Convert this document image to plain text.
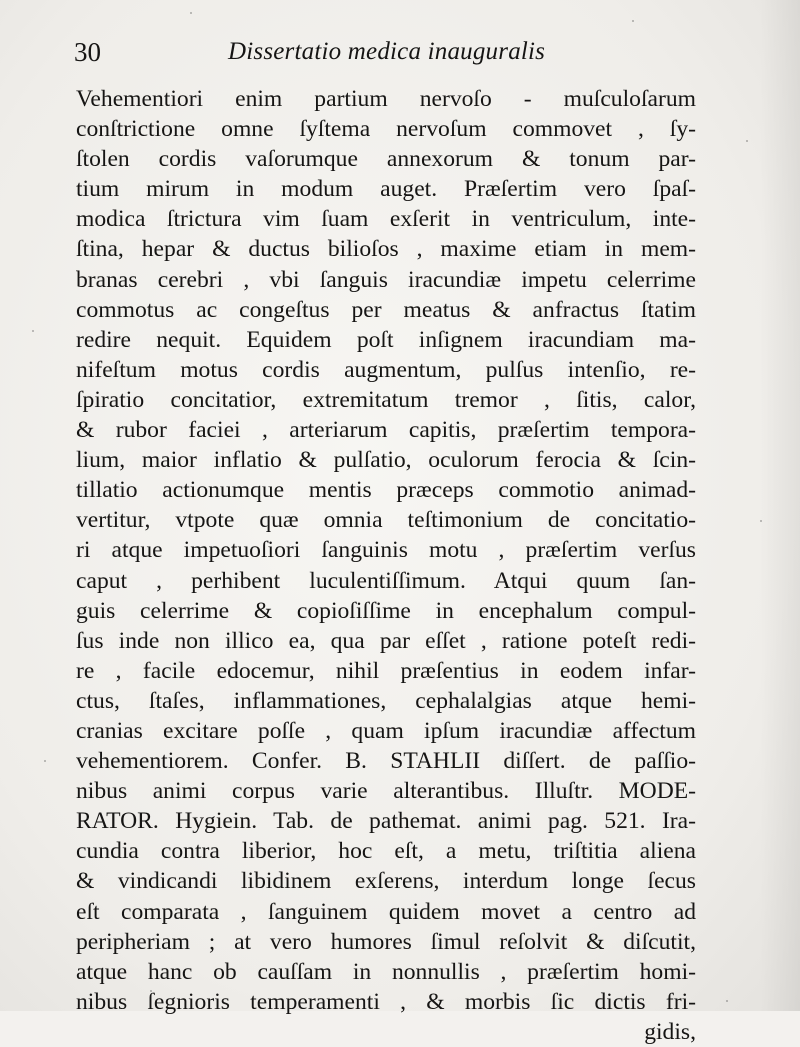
30	Dissertatio medica inauguralis
Vehementiori enim partium nervoſo - muſculoſarum
conſtrictione omne ſyſtema nervoſum commovet , ſy-
ſtolen cordis vaſorumque annexorum & tonum par-
tium mirum in modum auget. Præſertim vero ſpaſ-
modica ſtrictura vim ſuam exſerit in ventriculum, inte-
ſtina, hepar & ductus bilioſos , maxime etiam in mem-
branas cerebri , vbi ſanguis iracundiæ impetu celerrime
commotus ac congeſtus per meatus & anfractus ſtatim
redire nequit. Equidem poſt inſignem iracundiam ma-
nifeſtum motus cordis augmentum, pulſus intenſio, re-
ſpiratio concitatior, extremitatum tremor , ſitis, calor,
& rubor faciei , arteriarum capitis, præſertim tempora-
lium, maior inflatio & pulſatio, oculorum ferocia & ſcin-
tillatio actionumque mentis præceps commotio animad-
vertitur, vtpote quæ omnia teſtimonium de concitatio-
ri atque impetuoſiori ſanguinis motu , præſertim verſus
caput , perhibent luculentiſſimum. Atqui quum ſan-
guis celerrime & copioſiſſime in encephalum compul-
ſus inde non illico ea, qua par eſſet , ratione poteſt redi-
re , facile edocemur, nihil præſentius in eodem infar-
ctus, ſtaſes, inflammationes, cephalalgias atque hemi-
cranias excitare poſſe , quam ipſum iracundiæ affectum
vehementiorem. Confer. B. STAHLII diſſert. de paſſio-
nibus animi corpus varie alterantibus. Illuſtr. MODE-
RATOR. Hygiein. Tab. de pathemat. animi pag. 521. Ira-
cundia contra liberior, hoc eſt, a metu, triſtitia aliena
& vindicandi libidinem exſerens, interdum longe ſecus
eſt comparata , ſanguinem quidem movet a centro ad
peripheriam ; at vero humores ſimul reſolvit & diſcutit,
atque hanc ob cauſſam in nonnullis , præſertim homi-
nibus ſegnioris temperamenti , & morbis ſic dictis fri-
gidis,
